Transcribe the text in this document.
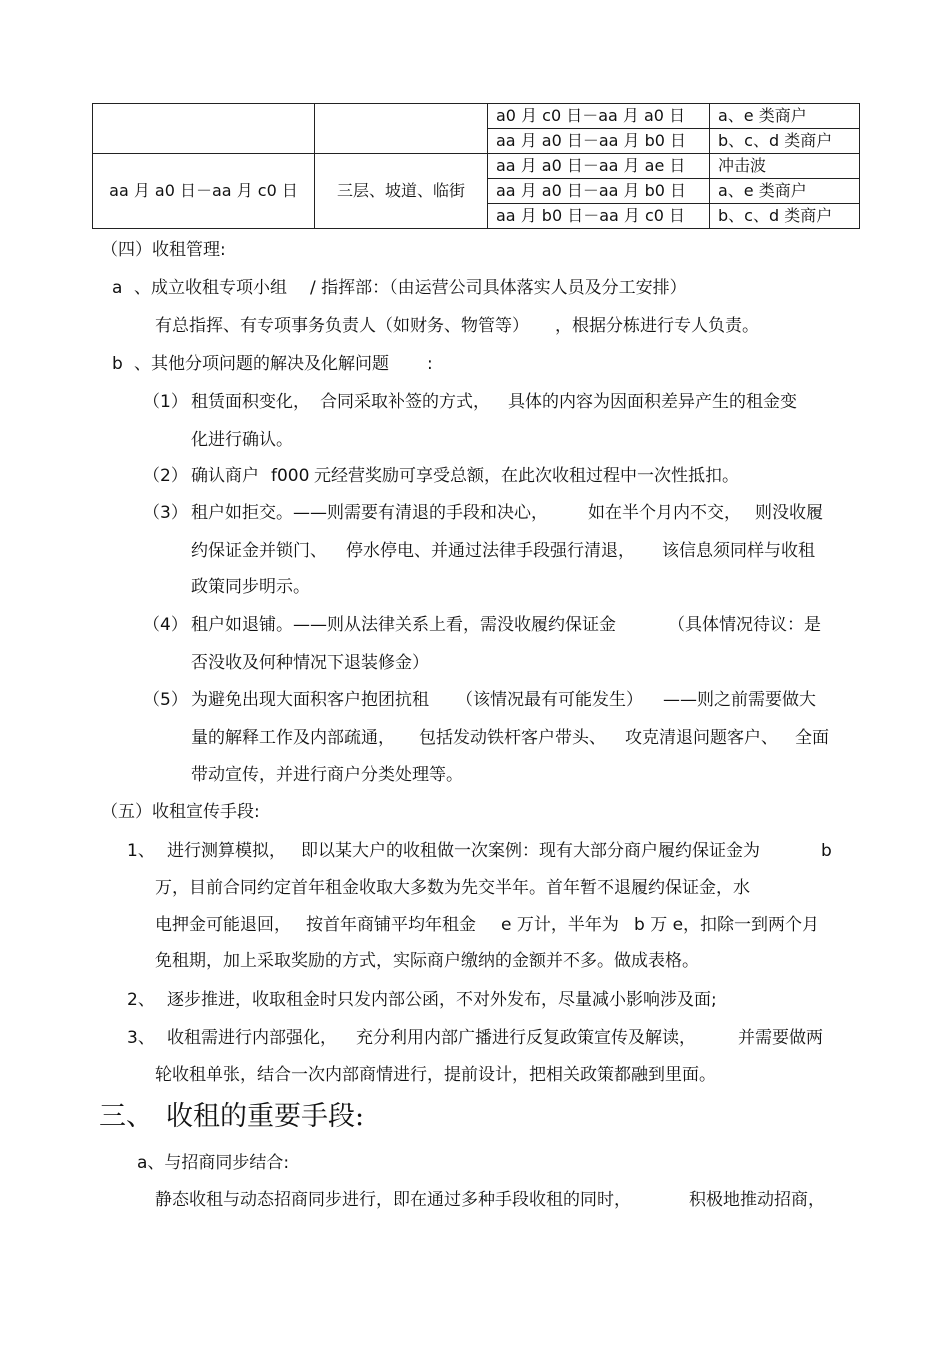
		a0 月 c0 日－aa 月 a0 日	a、e 类商户
		aa 月 a0 日－aa 月 b0 日	b、c、d 类商户
aa 月 a0 日－aa 月 c0 日	三层、坡道、临街	aa 月 a0 日－aa 月 ae 日	冲击波
		aa 月 a0 日－aa 月 b0 日	a、e 类商户
		aa 月 b0 日－aa 月 c0 日	b、c、d 类商户
（四）收租管理:
a 、成立收租专项小组 / 指挥部：（由运营公司具体落实人员及分工安排）
有总指挥、有专项事务负责人（如财务、物管等） ，根据分栋进行专人负责。
b 、其他分项问题的解决及化解问题 :
（1） 租赁面积变化， 合同采取补签的方式， 具体的内容为因面积差异产生的租金变
化进行确认。
（2） 确认商户 f000 元经营奖励可享受总额，在此次收租过程中一次性抵扣。
（3） 租户如拒交。——则需要有清退的手段和决心， 如在半个月内不交， 则没收履
约保证金并锁门、 停水停电、并通过法律手段强行清退， 该信息须同样与收租
政策同步明示。
（4） 租户如退铺。——则从法律关系上看，需没收履约保证金	（具体情况待议：是
否没收及何种情况下退装修金）
（5） 为避免出现大面积客户抱团抗租 （该情况最有可能发生） ——则之前需要做大
量的解释工作及内部疏通， 包括发动铁杆客户带头、 攻克清退问题客户、 全面
带动宣传，并进行商户分类处理等。
（五）收租宣传手段:
1、 进行测算模拟， 即以某大户的收租做一次案例：现有大部分商户履约保证金为	b
万，目前合同约定首年租金收取大多数为先交半年。首年暂不退履约保证金，水
电押金可能退回， 按首年商铺平均年租金 e 万计，半年为 b 万 e，扣除一到两个月
免租期，加上采取奖励的方式，实际商户缴纳的金额并不多。做成表格。
2、 逐步推进，收取租金时只发内部公函，不对外发布，尽量减小影响涉及面;
3、 收租需进行内部强化， 充分利用内部广播进行反复政策宣传及解读， 并需要做两
轮收租单张，结合一次内部商情进行，提前设计，把相关政策都融到里面。
三、 收租的重要手段:
a、与招商同步结合:
静态收租与动态招商同步进行，即在通过多种手段收租的同时，	积极地推动招商，
